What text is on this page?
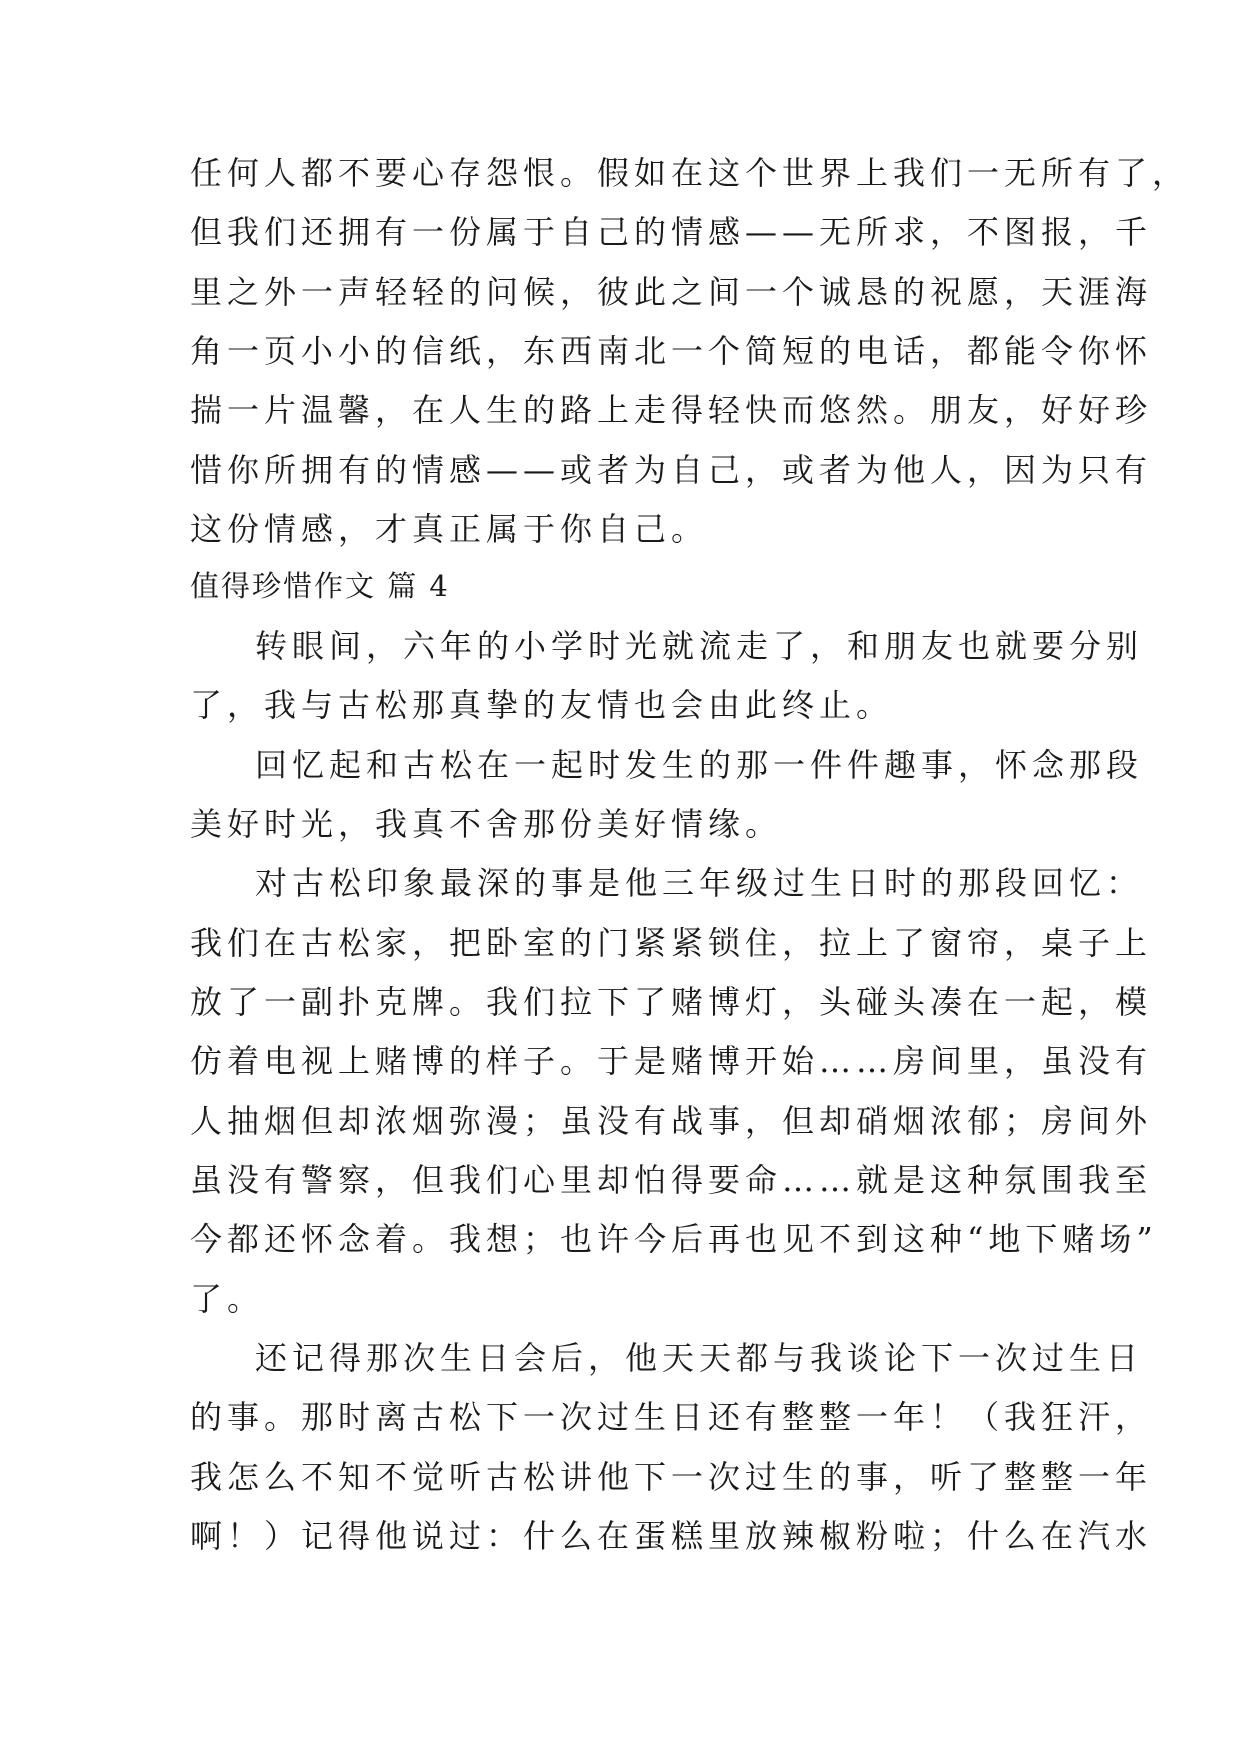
任何人都不要心存怨恨。假如在这个世界上我们一无所有了，
但我们还拥有一份属于自己的情感——无所求，不图报，千
里之外一声轻轻的问候，彼此之间一个诚恳的祝愿，天涯海
角一页小小的信纸，东西南北一个简短的电话，都能令你怀
揣一片温馨，在人生的路上走得轻快而悠然。朋友，好好珍
惜你所拥有的情感——或者为自己，或者为他人，因为只有
这份情感，才真正属于你自己。
值得珍惜作文 篇 4
转眼间，六年的小学时光就流走了，和朋友也就要分别
了，我与古松那真挚的友情也会由此终止。
回忆起和古松在一起时发生的那一件件趣事，怀念那段
美好时光，我真不舍那份美好情缘。
对古松印象最深的事是他三年级过生日时的那段回忆：
我们在古松家，把卧室的门紧紧锁住，拉上了窗帘，桌子上
放了一副扑克牌。我们拉下了赌博灯，头碰头凑在一起，模
仿着电视上赌博的样子。于是赌博开始……房间里，虽没有
人抽烟但却浓烟弥漫；虽没有战事，但却硝烟浓郁；房间外
虽没有警察，但我们心里却怕得要命……就是这种氛围我至
今都还怀念着。我想；也许今后再也见不到这种“地下赌场”
了。
还记得那次生日会后，他天天都与我谈论下一次过生日
的事。那时离古松下一次过生日还有整整一年！（我狂汗，
我怎么不知不觉听古松讲他下一次过生的事，听了整整一年
啊！）记得他说过：什么在蛋糕里放辣椒粉啦；什么在汽水
